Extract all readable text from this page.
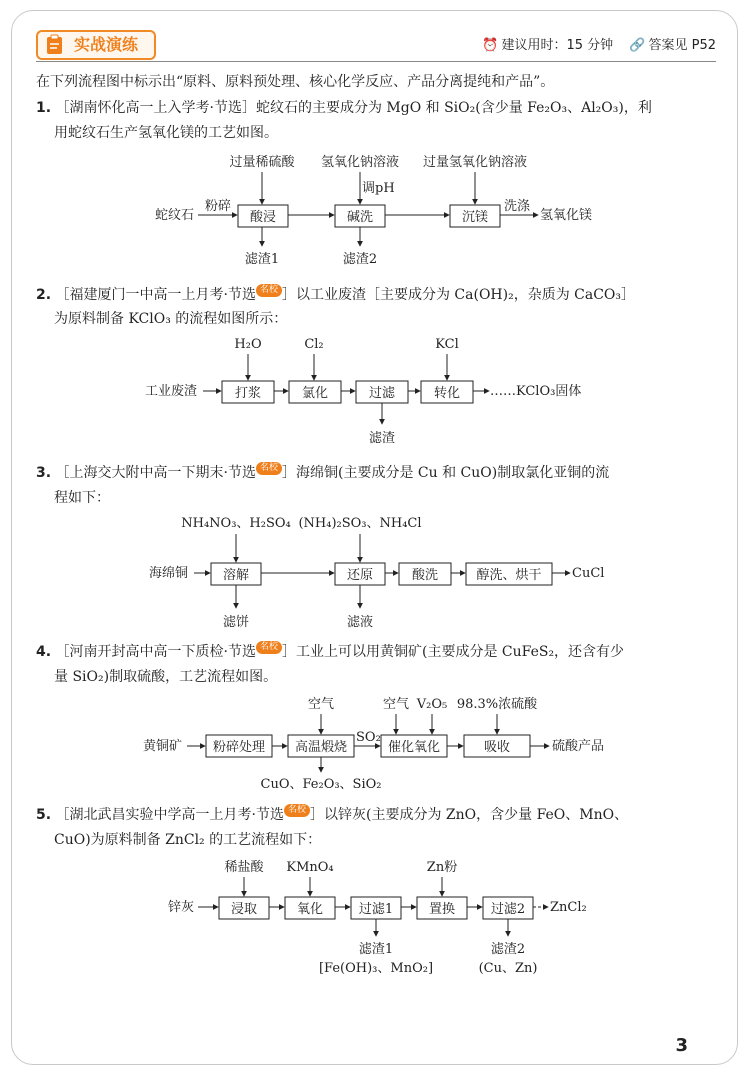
实战演练	⏰ 建议用时：15 分钟 🔗 答案见 P52
在下列流程图中标示出“原料、原料预处理、核心化学反应、产品分离提纯和产品”。
1. ［湖南怀化高一上入学考·节选］蛇纹石的主要成分为 MgO 和 SiO₂(含少量 Fe₂O₃、Al₂O₃)，利
用蛇纹石生产氢氧化镁的工艺如图。
过量稀硫酸 氢氧化钠溶液
调pH
过量氢氧化钠溶液
蛇纹石
粉碎
酸浸	碱洗	沉镁
洗涤
氢氧化镁
滤渣1	滤渣2
2. ［福建厦门一中高一上月考·节选 名校 ］以工业废渣［主要成分为 Ca(OH)₂，杂质为 CaCO₃］
为原料制备 KClO₃ 的流程如图所示：
H₂O	Cl₂	KCl
工业废渣	打浆	氯化	过滤	转化 ……KClO₃固体
滤渣
3. ［上海交大附中高一下期末·节选 名校 ］海绵铜(主要成分是 Cu 和 CuO)制取氯化亚铜的流
程如下：
NH₄NO₃、H₂SO₄ (NH₄)₂SO₃、NH₄Cl
海绵铜	溶解	还原	酸洗	醇洗、烘干 CuCl
滤饼	滤液
4. ［河南开封高中高一下质检·节选 名校 ］工业上可以用黄铜矿(主要成分是 CuFeS₂，还含有少
量 SiO₂)制取硫酸，工艺流程如图。
空气	空气 V₂O₅ 98.3%浓硫酸
黄铜矿 粉碎处理 高温煅烧
SO₂
催化氧化	吸收	硫酸产品
CuO、Fe₂O₃、SiO₂
5. ［湖北武昌实验中学高一上月考·节选 名校 ］以锌灰(主要成分为 ZnO，含少量 FeO、MnO、
CuO)为原料制备 ZnCl₂ 的工艺流程如下：
稀盐酸 KMnO₄	Zn粉
锌灰	浸取	氧化	过滤1	置换	过滤2 ZnCl₂
滤渣1
[Fe(OH)₃、MnO₂]
滤渣2
(Cu、Zn)
3
